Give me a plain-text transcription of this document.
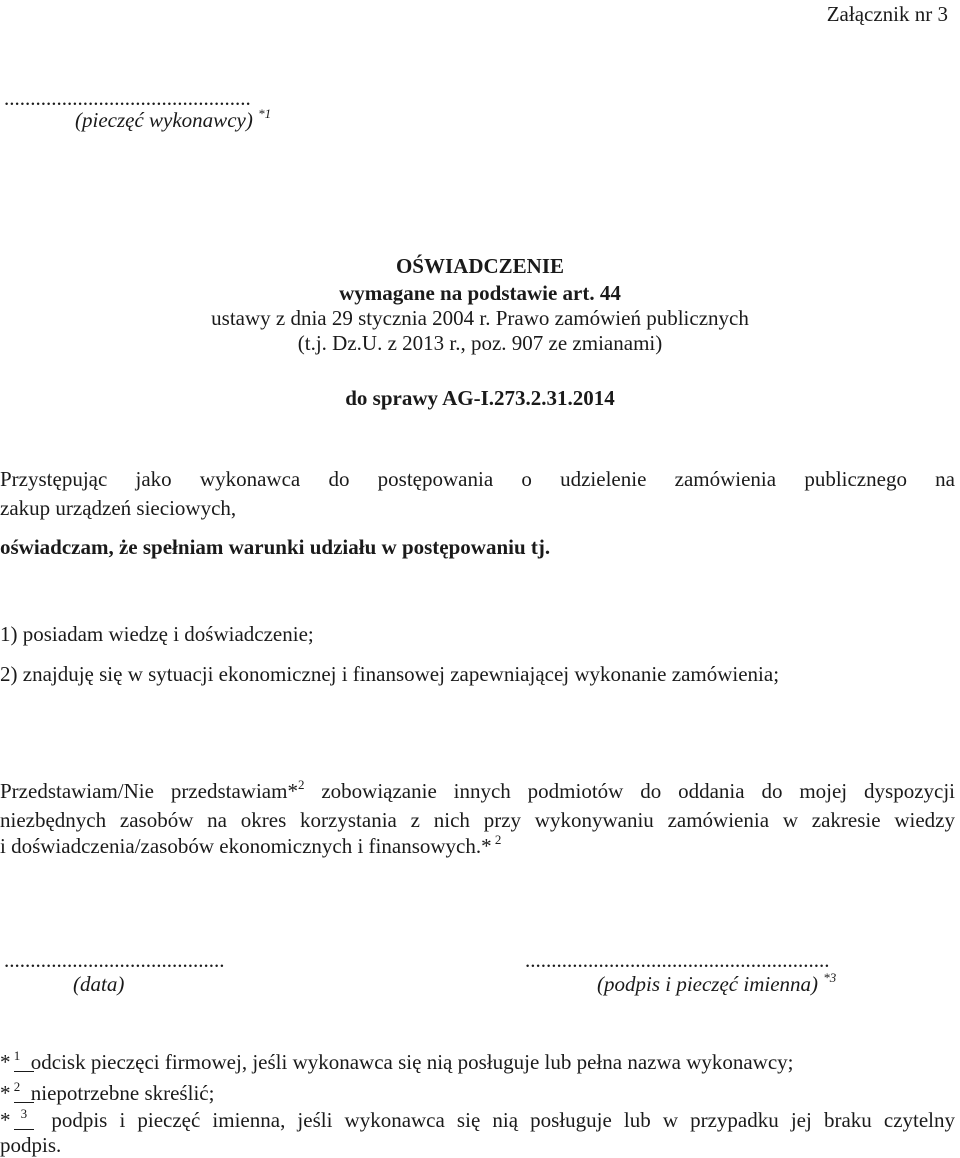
Załącznik nr 3
...............................................
(pieczęć wykonawcy) $^{*1}$
OŚWIADCZENIE
wymagane na podstawie art. 44
ustawy z dnia 29 stycznia 2004 r. Prawo zamówień publicznych
(t.j. Dz.U. z 2013 r., poz. 907 ze zmianami)
do sprawy AG-I.273.2.31.2014
Przystępując jako wykonawca do postępowania o udzielenie zamówienia publicznego na
zakup urządzeń sieciowych,
oświadczam, że spełniam warunki udziału w postępowaniu tj.
1) posiadam wiedzę i doświadczenie;
2) znajduję się w sytuacji ekonomicznej i finansowej zapewniającej wykonanie zamówienia;
Przedstawiam/Nie przedstawiam*$^2$ zobowiązanie innych podmiotów do oddania do mojej dyspozycji
niezbędnych zasobów na okres korzystania z nich przy wykonywaniu zamówienia w zakresie wiedzy
i doświadczenia/zasobów ekonomicznych i finansowych.* $^2$
..........................................
(data)
..........................................................
(podpis i pieczęć imienna) $^{*3}$
* $^1$ odcisk pieczęci firmowej, jeśli wykonawca się nią posługuje lub pełna nazwa wykonawcy;
* $^2$ niepotrzebne skreślić;
* $^3$ podpis i pieczęć imienna, jeśli wykonawca się nią posługuje lub w przypadku jej braku czytelny
podpis.
